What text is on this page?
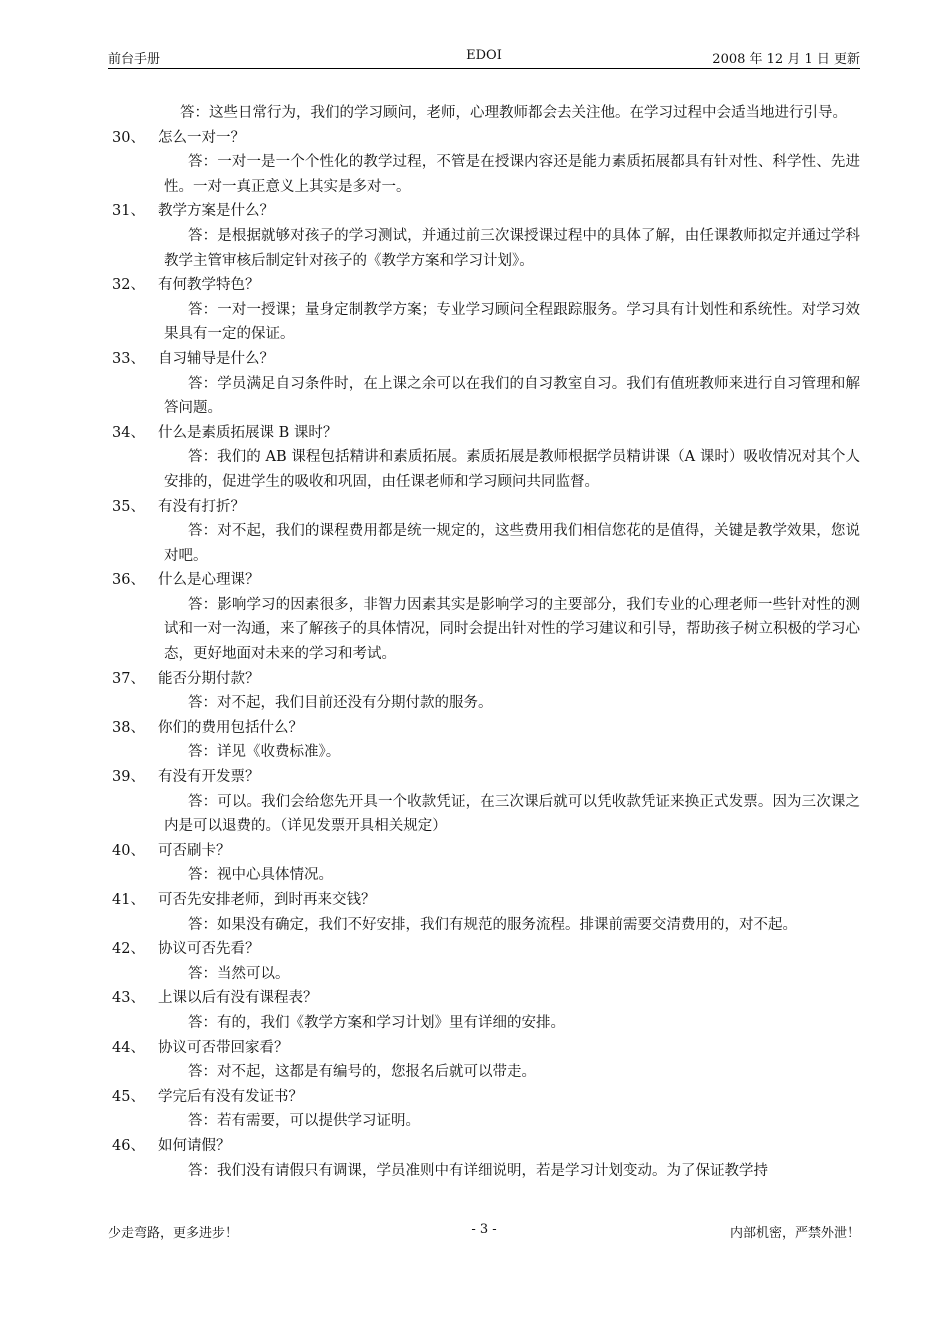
前台手册	EDOI	2008 年 12 月 1 日 更新
答：这些日常行为，我们的学习顾问，老师，心理教师都会去关注他。在学习过程中会适当地进行引导。
30、 怎么一对一？
答：一对一是一个个性化的教学过程，不管是在授课内容还是能力素质拓展都具有针对性、科学性、先进性。一对一真正意义上其实是多对一。
31、 教学方案是什么？
答：是根据就够对孩子的学习测试，并通过前三次课授课过程中的具体了解，由任课教师拟定并通过学科教学主管审核后制定针对孩子的《教学方案和学习计划》。
32、 有何教学特色？
答：一对一授课；量身定制教学方案；专业学习顾问全程跟踪服务。学习具有计划性和系统性。对学习效果具有一定的保证。
33、 自习辅导是什么？
答：学员满足自习条件时，在上课之余可以在我们的自习教室自习。我们有值班教师来进行自习管理和解答问题。
34、 什么是素质拓展课 B 课时？
答：我们的 AB 课程包括精讲和素质拓展。素质拓展是教师根据学员精讲课（A 课时）吸收情况对其个人安排的，促进学生的吸收和巩固，由任课老师和学习顾问共同监督。
35、 有没有打折？
答：对不起，我们的课程费用都是统一规定的，这些费用我们相信您花的是值得，关键是教学效果，您说对吧。
36、 什么是心理课？
答：影响学习的因素很多，非智力因素其实是影响学习的主要部分，我们专业的心理老师一些针对性的测试和一对一沟通，来了解孩子的具体情况，同时会提出针对性的学习建议和引导，帮助孩子树立积极的学习心态，更好地面对未来的学习和考试。
37、 能否分期付款？
答：对不起，我们目前还没有分期付款的服务。
38、 你们的费用包括什么？
答：详见《收费标准》。
39、 有没有开发票？
答：可以。我们会给您先开具一个收款凭证，在三次课后就可以凭收款凭证来换正式发票。因为三次课之内是可以退费的。（详见发票开具相关规定）
40、 可否刷卡？
答：视中心具体情况。
41、 可否先安排老师，到时再来交钱？
答：如果没有确定，我们不好安排，我们有规范的服务流程。排课前需要交清费用的，对不起。
42、 协议可否先看？
答：当然可以。
43、 上课以后有没有课程表？
答：有的，我们《教学方案和学习计划》里有详细的安排。
44、 协议可否带回家看？
答：对不起，这都是有编号的，您报名后就可以带走。
45、 学完后有没有发证书？
答：若有需要，可以提供学习证明。
46、 如何请假？
答：我们没有请假只有调课，学员准则中有详细说明，若是学习计划变动。为了保证教学持
少走弯路，更多进步！	- 3 -	内部机密，严禁外泄！
